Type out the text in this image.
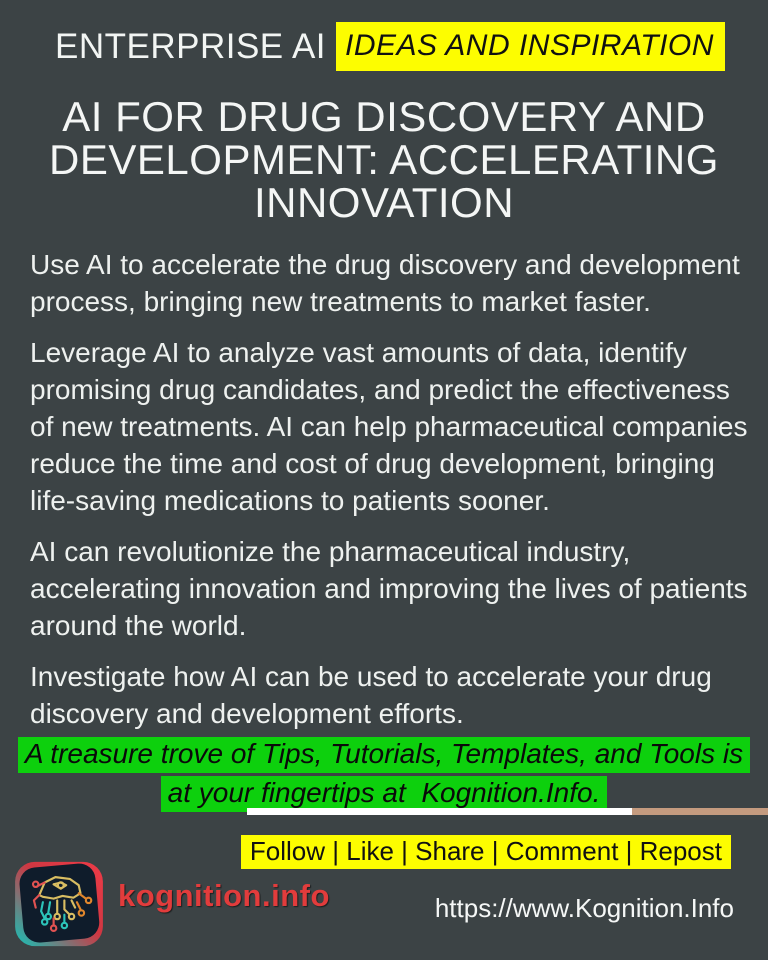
ENTERPRISE AI IDEAS AND INSPIRATION
AI FOR DRUG DISCOVERY AND
DEVELOPMENT: ACCELERATING
INNOVATION

Use AI to accelerate the drug discovery and development process, bringing new treatments to market faster.

Leverage AI to analyze vast amounts of data, identify promising drug candidates, and predict the effectiveness of new treatments. AI can help pharmaceutical companies reduce the time and cost of drug development, bringing life-saving medications to patients sooner.

AI can revolutionize the pharmaceutical industry, accelerating innovation and improving the lives of patients around the world.

Investigate how AI can be used to accelerate your drug discovery and development efforts.

A treasure trove of Tips, Tutorials, Templates, and Tools is
at your fingertips at  Kognition.Info.
Follow | Like | Share | Comment | Repost
kognition.info	https://www.Kognition.Info
